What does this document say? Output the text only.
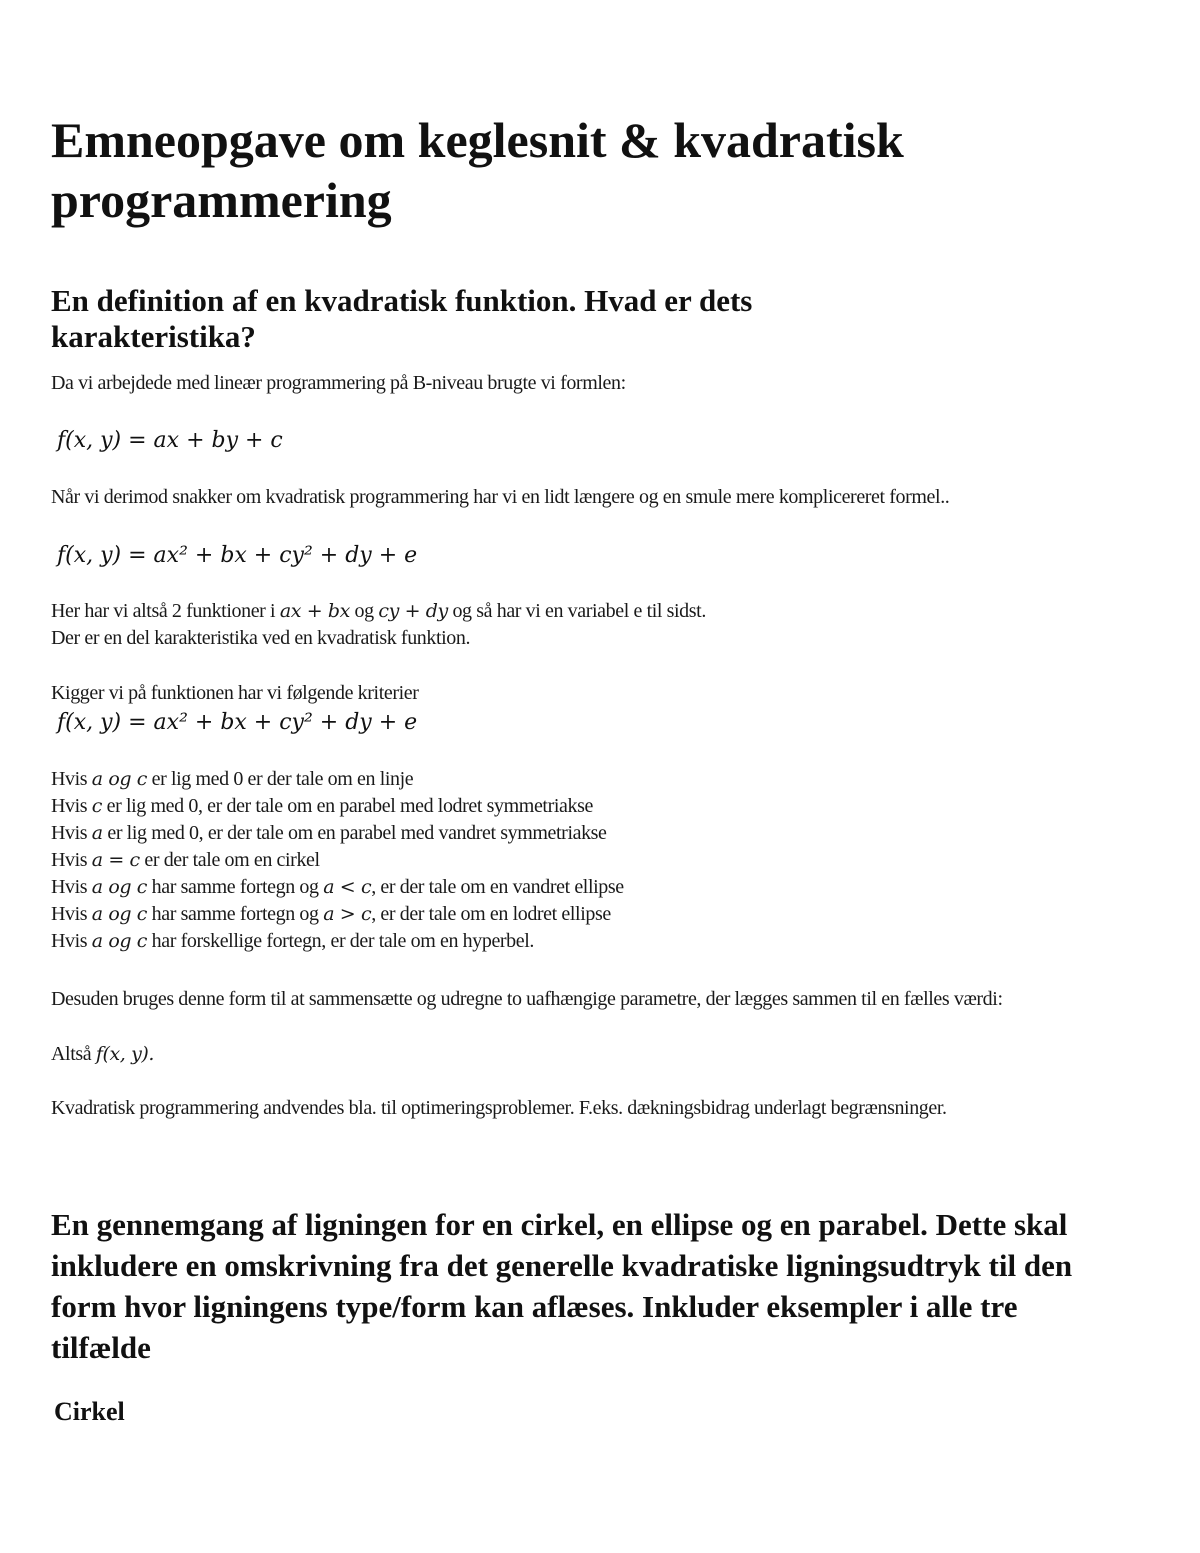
Emneopgave om keglesnit & kvadratisk programmering
En definition af en kvadratisk funktion. Hvad er dets karakteristika?
Da vi arbejdede med lineær programmering på B-niveau brugte vi formlen:
f(x, y) = ax + by + c
Når vi derimod snakker om kvadratisk programmering har vi en lidt længere og en smule mere komplicereret formel..
f(x, y) = ax² + bx + cy² + dy + e
Her har vi altså 2 funktioner i ax + bx og cy + dy og så har vi en variabel e til sidst.
Der er en del karakteristika ved en kvadratisk funktion.
Kigger vi på funktionen har vi følgende kriterier
f(x, y) = ax² + bx + cy² + dy + e
Hvis a og c er lig med 0 er der tale om en linje
Hvis c er lig med 0, er der tale om en parabel med lodret symmetriakse
Hvis a er lig med 0, er der tale om en parabel med vandret symmetriakse
Hvis a = c er der tale om en cirkel
Hvis a og c har samme fortegn og a < c, er der tale om en vandret ellipse
Hvis a og c har samme fortegn og a > c, er der tale om en lodret ellipse
Hvis a og c har forskellige fortegn, er der tale om en hyperbel.
Desuden bruges denne form til at sammensætte og udregne to uafhængige parametre, der lægges sammen til en fælles værdi:
Altså f(x, y).
Kvadratisk programmering andvendes bla. til optimeringsproblemer. F.eks. dækningsbidrag underlagt begrænsninger.
En gennemgang af ligningen for en cirkel, en ellipse og en parabel. Dette skal inkludere en omskrivning fra det generelle kvadratiske ligningsudtryk til den form hvor ligningens type/form kan aflæses. Inkluder eksempler i alle tre tilfælde
Cirkel
